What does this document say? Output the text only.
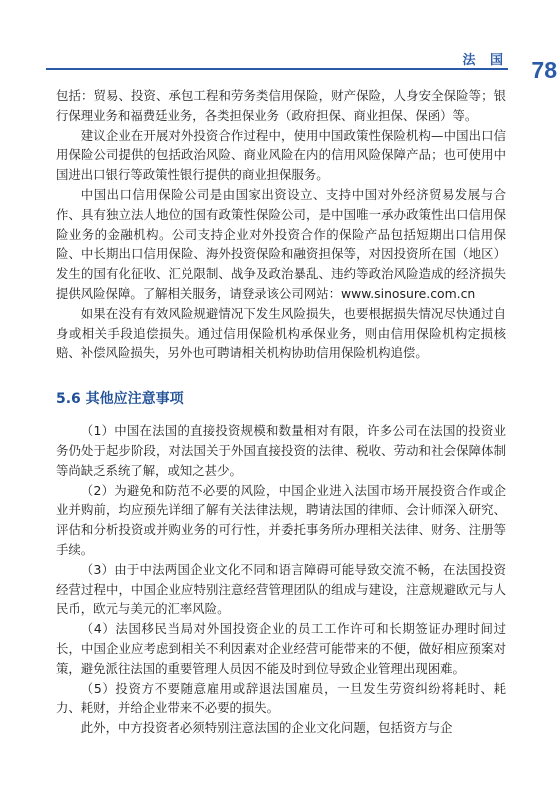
法 国 78

包括：贸易、投资、承包工程和劳务类信用保险，财产保险，人身安全保险等；银行保理业务和福费廷业务，各类担保业务（政府担保、商业担保、保函）等。

建议企业在开展对外投资合作过程中，使用中国政策性保险机构—中国出口信用保险公司提供的包括政治风险、商业风险在内的信用风险保障产品；也可使用中国进出口银行等政策性银行提供的商业担保服务。

中国出口信用保险公司是由国家出资设立、支持中国对外经济贸易发展与合作、具有独立法人地位的国有政策性保险公司，是中国唯一承办政策性出口信用保险业务的金融机构。公司支持企业对外投资合作的保险产品包括短期出口信用保险、中长期出口信用保险、海外投资保险和融资担保等，对因投资所在国（地区）发生的国有化征收、汇兑限制、战争及政治暴乱、违约等政治风险造成的经济损失提供风险保障。了解相关服务，请登录该公司网站：www.sinosure.com.cn

如果在没有有效风险规避情况下发生风险损失，也要根据损失情况尽快通过自身或相关手段追偿损失。通过信用保险机构承保业务，则由信用保险机构定损核赔、补偿风险损失，另外也可聘请相关机构协助信用保险机构追偿。

5.6 其他应注意事项

（1）中国在法国的直接投资规模和数量相对有限，许多公司在法国的投资业务仍处于起步阶段，对法国关于外国直接投资的法律、税收、劳动和社会保障体制等尚缺乏系统了解，或知之甚少。

（2）为避免和防范不必要的风险，中国企业进入法国市场开展投资合作或企业并购前，均应预先详细了解有关法律法规，聘请法国的律师、会计师深入研究、评估和分析投资或并购业务的可行性，并委托事务所办理相关法律、财务、注册等手续。

（3）由于中法两国企业文化不同和语言障碍可能导致交流不畅，在法国投资经营过程中，中国企业应特别注意经营管理团队的组成与建设，注意规避欧元与人民币，欧元与美元的汇率风险。

（4）法国移民当局对外国投资企业的员工工作许可和长期签证办理时间过长，中国企业应考虑到相关不利因素对企业经营可能带来的不便，做好相应预案对策，避免派往法国的重要管理人员因不能及时到位导致企业管理出现困难。

（5）投资方不要随意雇用或辞退法国雇员，一旦发生劳资纠纷将耗时、耗力、耗财，并给企业带来不必要的损失。

此外，中方投资者必须特别注意法国的企业文化问题，包括资方与企
